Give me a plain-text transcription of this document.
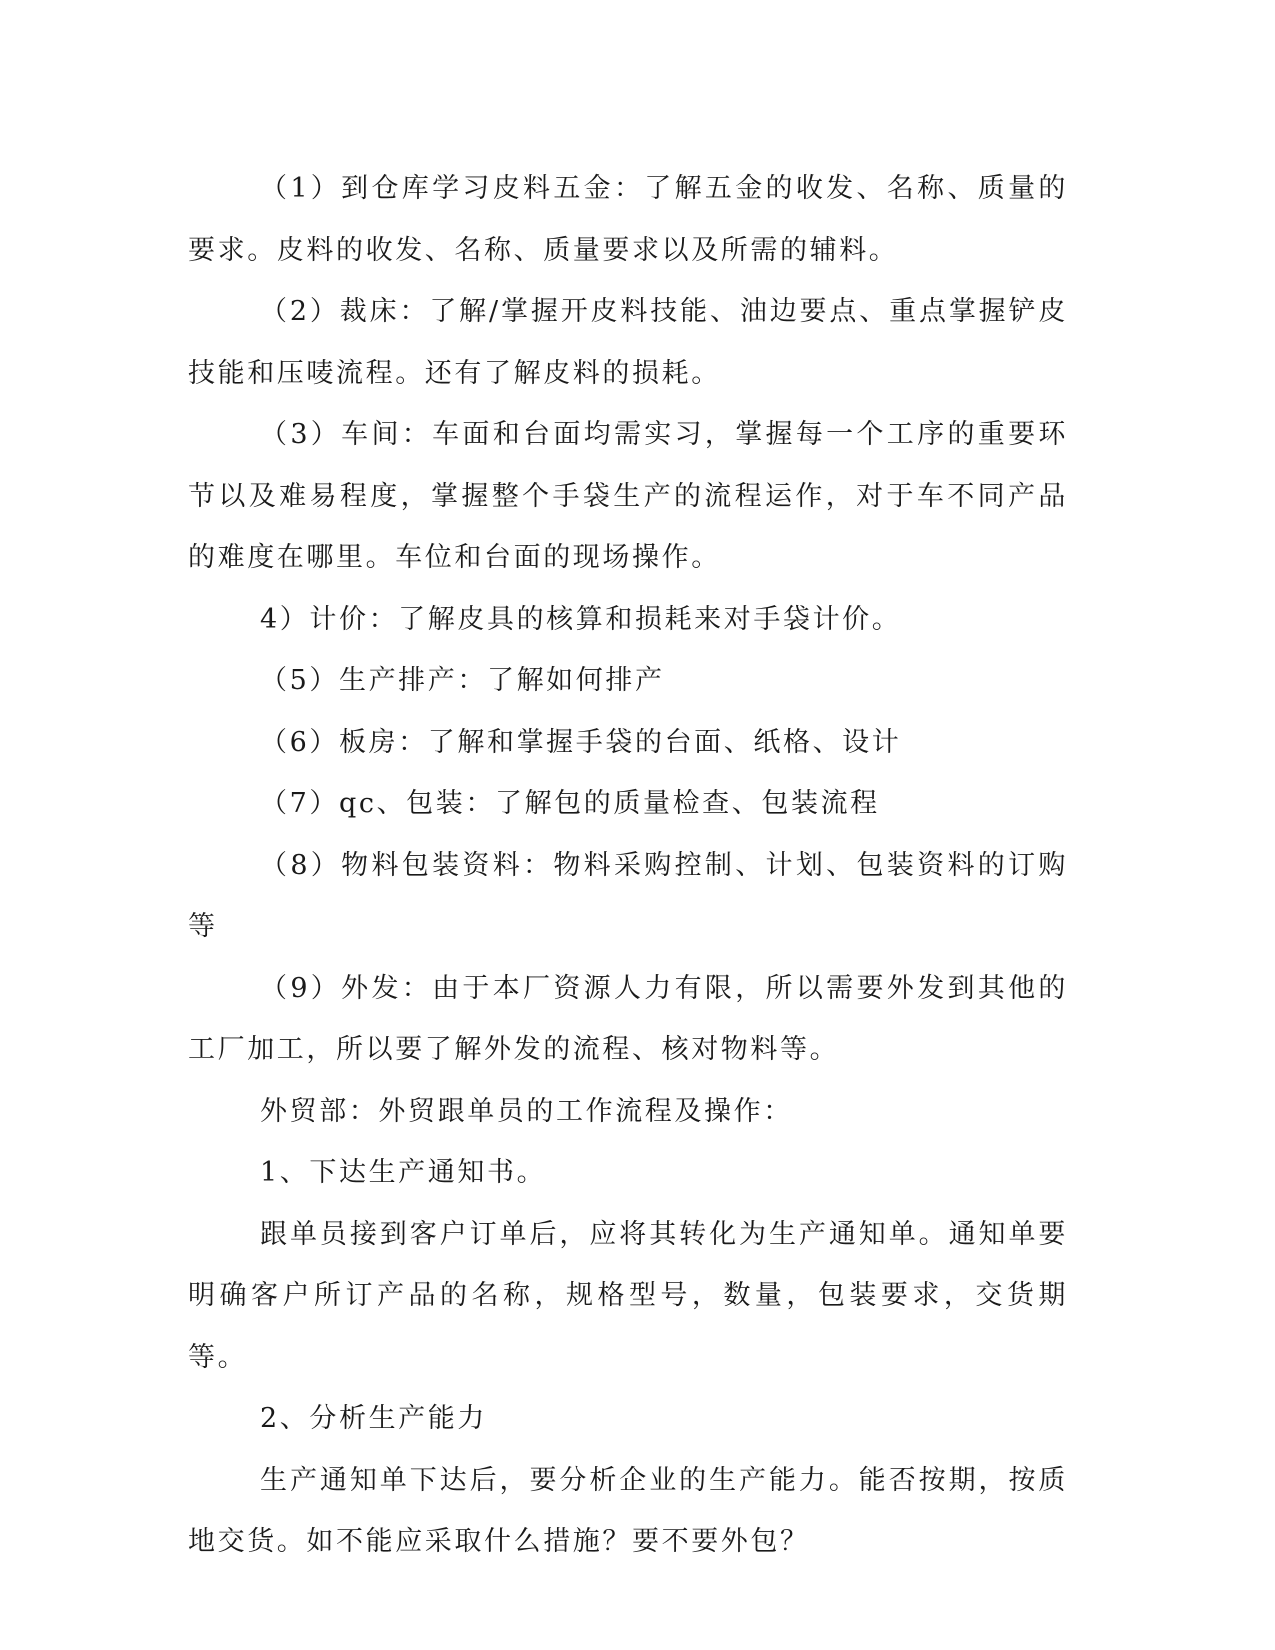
（1）到仓库学习皮料五金：了解五金的收发、名称、质量的要求。皮料的收发、名称、质量要求以及所需的辅料。

（2）裁床：了解/掌握开皮料技能、油边要点、重点掌握铲皮技能和压唛流程。还有了解皮料的损耗。

（3）车间：车面和台面均需实习，掌握每一个工序的重要环节以及难易程度，掌握整个手袋生产的流程运作，对于车不同产品的难度在哪里。车位和台面的现场操作。

4）计价：了解皮具的核算和损耗来对手袋计价。

（5）生产排产：了解如何排产

（6）板房：了解和掌握手袋的台面、纸格、设计

（7）qc、包装：了解包的质量检查、包装流程

（8）物料包装资料：物料采购控制、计划、包装资料的订购等

（9）外发：由于本厂资源人力有限，所以需要外发到其他的工厂加工，所以要了解外发的流程、核对物料等。

外贸部：外贸跟单员的工作流程及操作：

1、下达生产通知书。

跟单员接到客户订单后，应将其转化为生产通知单。通知单要明确客户所订产品的名称，规格型号，数量，包装要求，交货期等。

2、分析生产能力

生产通知单下达后，要分析企业的生产能力。能否按期，按质地交货。如不能应采取什么措施？要不要外包？
